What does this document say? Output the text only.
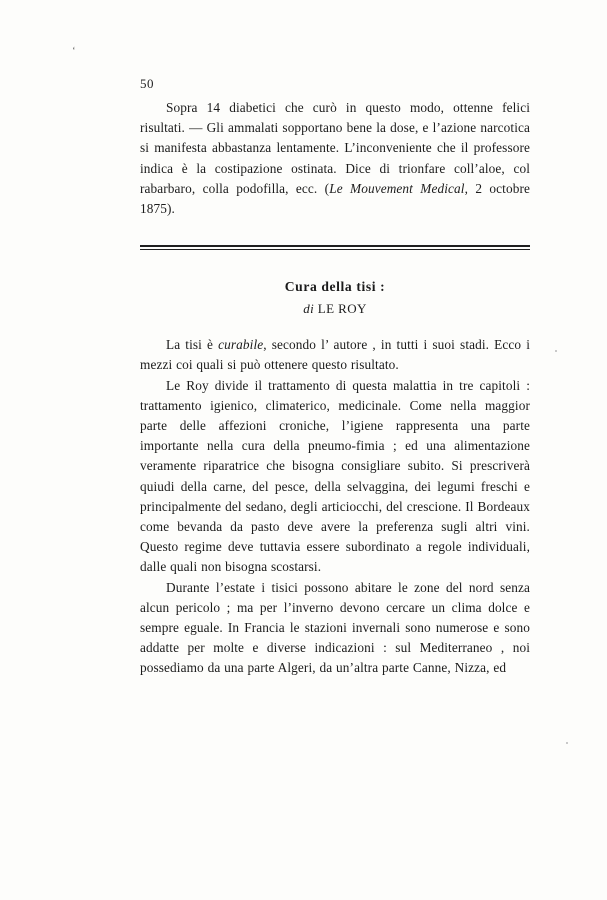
‘
50

Sopra 14 diabetici che curò in questo modo, ottenne felici risultati. — Gli ammalati sopportano bene la dose, e l’azione narcotica si manifesta abbastanza lentamente. L’inconveniente che il professore indica è la costipazione ostinata. Dice di trionfare coll’aloe, col rabarbaro, colla podofilla, ecc. (Le Mouvement Medical, 2 octobre 1875).

Cura della tisi :
di LE ROY

La tisi è curabile, secondo l’ autore , in tutti i suoi stadi. Ecco i mezzi coi quali si può ottenere questo risultato.

Le Roy divide il trattamento di questa malattia in tre capitoli : trattamento igienico, climaterico, medicinale. Come nella maggior parte delle affezioni croniche, l’igiene rappresenta una parte importante nella cura della pneumo-fimia ; ed una alimentazione veramente riparatrice che bisogna consigliare subito. Si prescriverà quiudi della carne, del pesce, della selvaggina, dei legumi freschi e principalmente del sedano, degli articiocchi, del crescione. Il Bordeaux come bevanda da pasto deve avere la preferenza sugli altri vini. Questo regime deve tuttavia essere subordinato a regole individuali, dalle quali non bisogna scostarsi.

Durante l’estate i tisici possono abitare le zone del nord senza alcun pericolo ; ma per l’inverno devono cercare un clima dolce e sempre eguale. In Francia le stazioni invernali sono numerose e sono addatte per molte e diverse indicazioni : sul Mediterraneo , noi possediamo da una parte Algeri, da un’altra parte Canne, Nizza, ed
